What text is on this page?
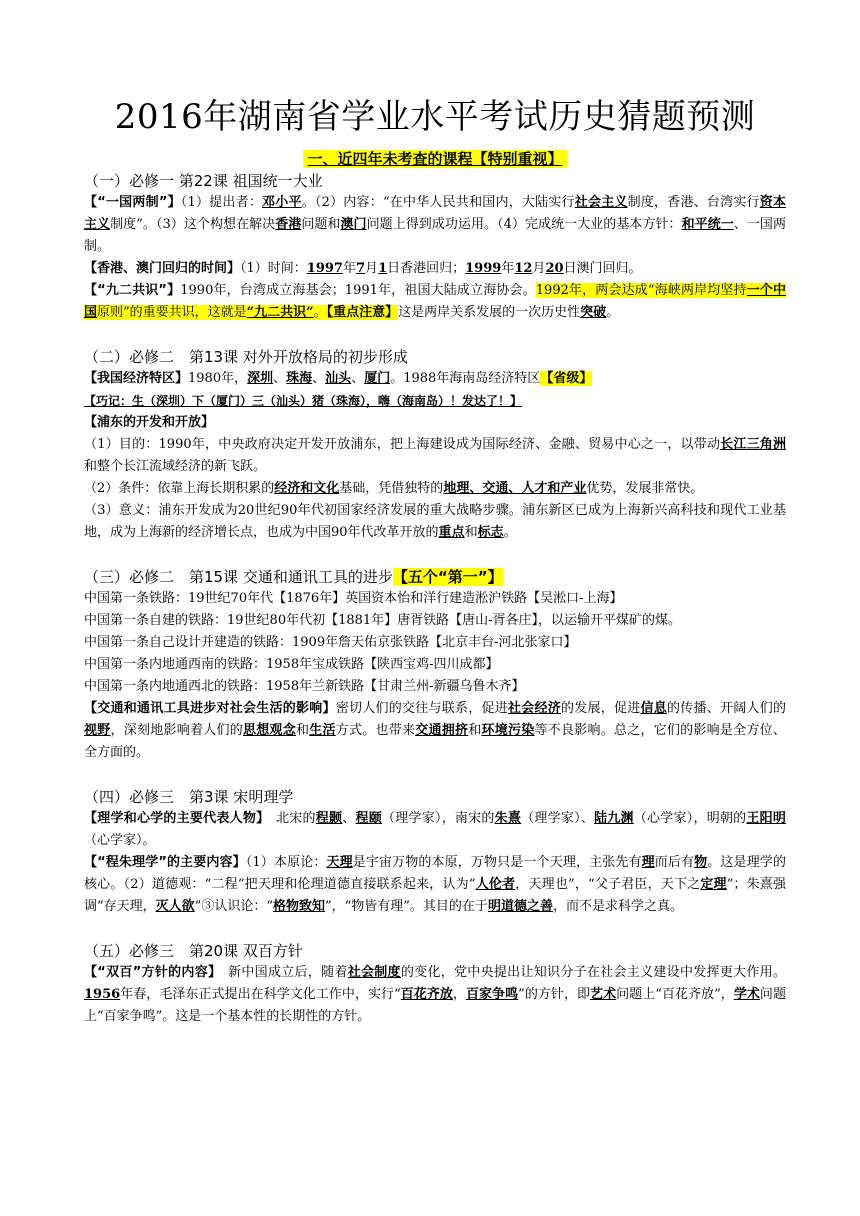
2016年湖南省学业水平考试历史猜题预测
一、近四年未考查的课程【特别重视】
（一）必修一 第22课 祖国统一大业
【“一国两制”】（1）提出者：邓小平。（2）内容：“在中华人民共和国内，大陆实行社会主义制度，香港、台湾实行资本主义制度”。（3）这个构想在解决香港问题和澳门问题上得到成功运用。（4）完成统一大业的基本方针：和平统一、一国两制。
【香港、澳门回归的时间】（1）时间：1997年7月1日香港回归；1999年12月20日澳门回归。
【“九二共识”】1990年，台湾成立海基会；1991年，祖国大陆成立海协会。1992年，两会达成“海峡两岸均坚持一个中国原则”的重要共识，这就是“九二共识”。【重点注意】这是两岸关系发展的一次历史性突破。
（二）必修二　第13课 对外开放格局的初步形成
【我国经济特区】1980年，深圳、珠海、汕头、厦门。1988年海南岛经济特区【省级】
【巧记：生（深圳）下（厦门）三（汕头）猪（珠海），嗨（海南岛）！发达了！】
【浦东的开发和开放】
（1）目的：1990年，中央政府决定开发开放浦东，把上海建设成为国际经济、金融、贸易中心之一，以带动长江三角洲和整个长江流域经济的新飞跃。
（2）条件：依靠上海长期积累的经济和文化基础，凭借独特的地理、交通、人才和产业优势，发展非常快。
（3）意义：浦东开发成为20世纪90年代初国家经济发展的重大战略步骤。浦东新区已成为上海新兴高科技和现代工业基地，成为上海新的经济增长点，也成为中国90年代改革开放的重点和标志。
（三）必修二　第15课 交通和通讯工具的进步【五个“第一”】
中国第一条铁路：19世纪70年代【1876年】英国资本怡和洋行建造淞沪铁路【吴淞口-上海】
中国第一条自建的铁路：19世纪80年代初【1881年】唐胥铁路【唐山-胥各庄】，以运输开平煤矿的煤。
中国第一条自己设计并建造的铁路：1909年詹天佑京张铁路【北京丰台-河北张家口】
中国第一条内地通西南的铁路：1958年宝成铁路【陕西宝鸡-四川成都】
中国第一条内地通西北的铁路：1958年兰新铁路【甘肃兰州-新疆乌鲁木齐】
【交通和通讯工具进步对社会生活的影响】密切人们的交往与联系，促进社会经济的发展，促进信息的传播、开阔人们的视野，深刻地影响着人们的思想观念和生活方式。也带来交通拥挤和环境污染等不良影响。总之，它们的影响是全方位、全方面的。
（四）必修三　第3课 宋明理学
【理学和心学的主要代表人物】　北宋的程颢、程颐（理学家），南宋的朱熹（理学家）、陆九渊（心学家），明朝的王阳明（心学家）。
【“程朱理学”的主要内容】（1）本原论：天理是宇宙万物的本原，万物只是一个天理，主张先有理而后有物。这是理学的核心。（2）道德观：“二程”把天理和伦理道德直接联系起来，认为“人伦者，天理也”，“父子君臣，天下之定理”；朱熹强调“存天理，灭人欲”③认识论：“格物致知”，“物皆有理”。其目的在于明道德之善，而不是求科学之真。
（五）必修三　第20课 双百方针
【“双百”方针的内容】　新中国成立后，随着社会制度的变化，党中央提出让知识分子在社会主义建设中发挥更大作用。1956年春，毛泽东正式提出在科学文化工作中，实行“百花齐放，百家争鸣”的方针，即艺术问题上“百花齐放”，学术问题上“百家争鸣”。这是一个基本性的长期性的方针。
